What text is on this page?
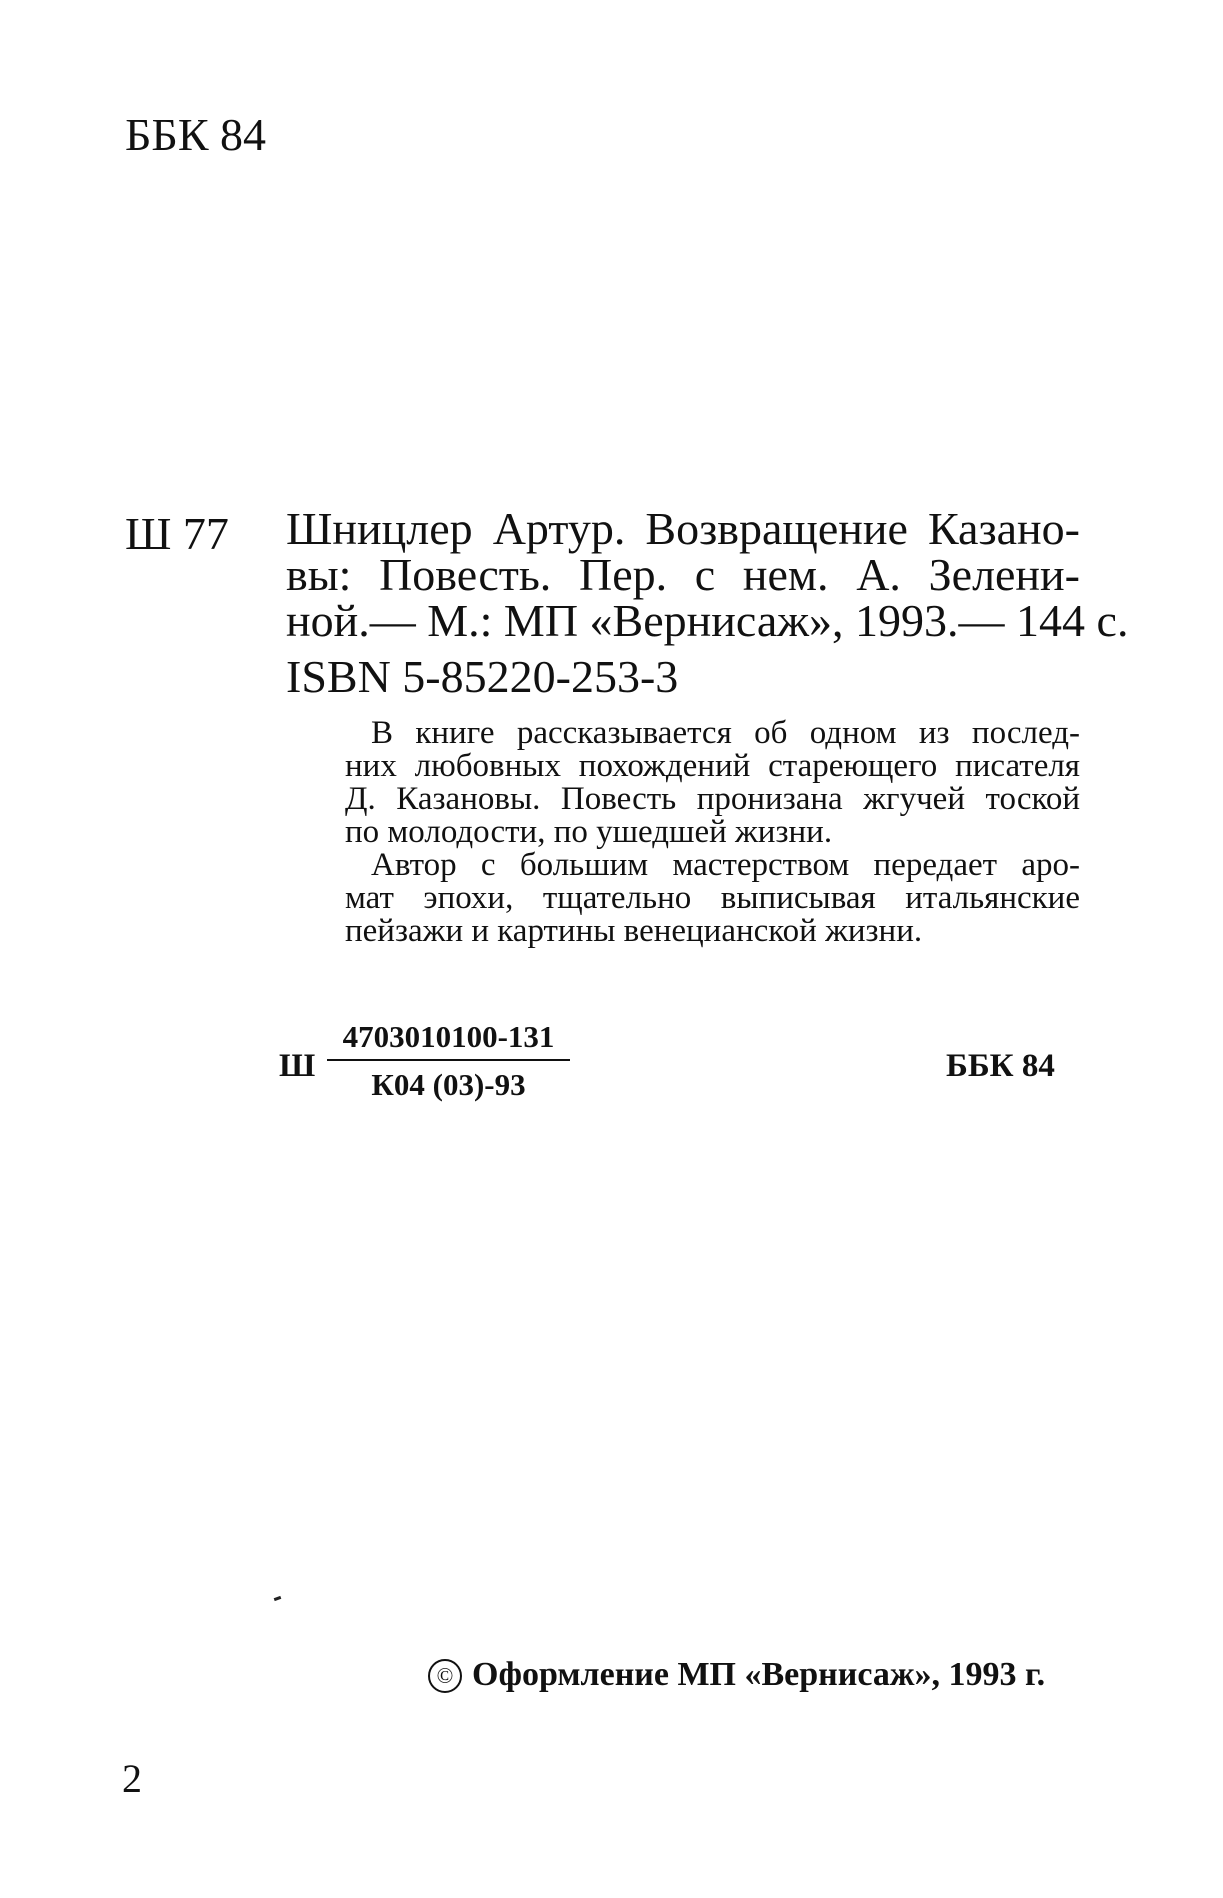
ББК 84
Ш 77 Шницлер Артур. Возвращение Казано-
вы: Повесть. Пер. с нем. А. Зелени-
ной.— М.: МП «Вернисаж», 1993.— 144 с.
ISBN 5-85220-253-3
В книге рассказывается об одном из послед-
них любовных похождений стареющего писателя
Д. Казановы. Повесть пронизана жгучей тоской
по молодости, по ушедшей жизни.
Автор с большим мастерством передает аро-
мат эпохи, тщательно выписывая итальянские
пейзажи и картины венецианской жизни.
Ш
4703010100-131
К04 (03)-93
ББК 84
© Оформление МП «Вернисаж», 1993 г.
2
